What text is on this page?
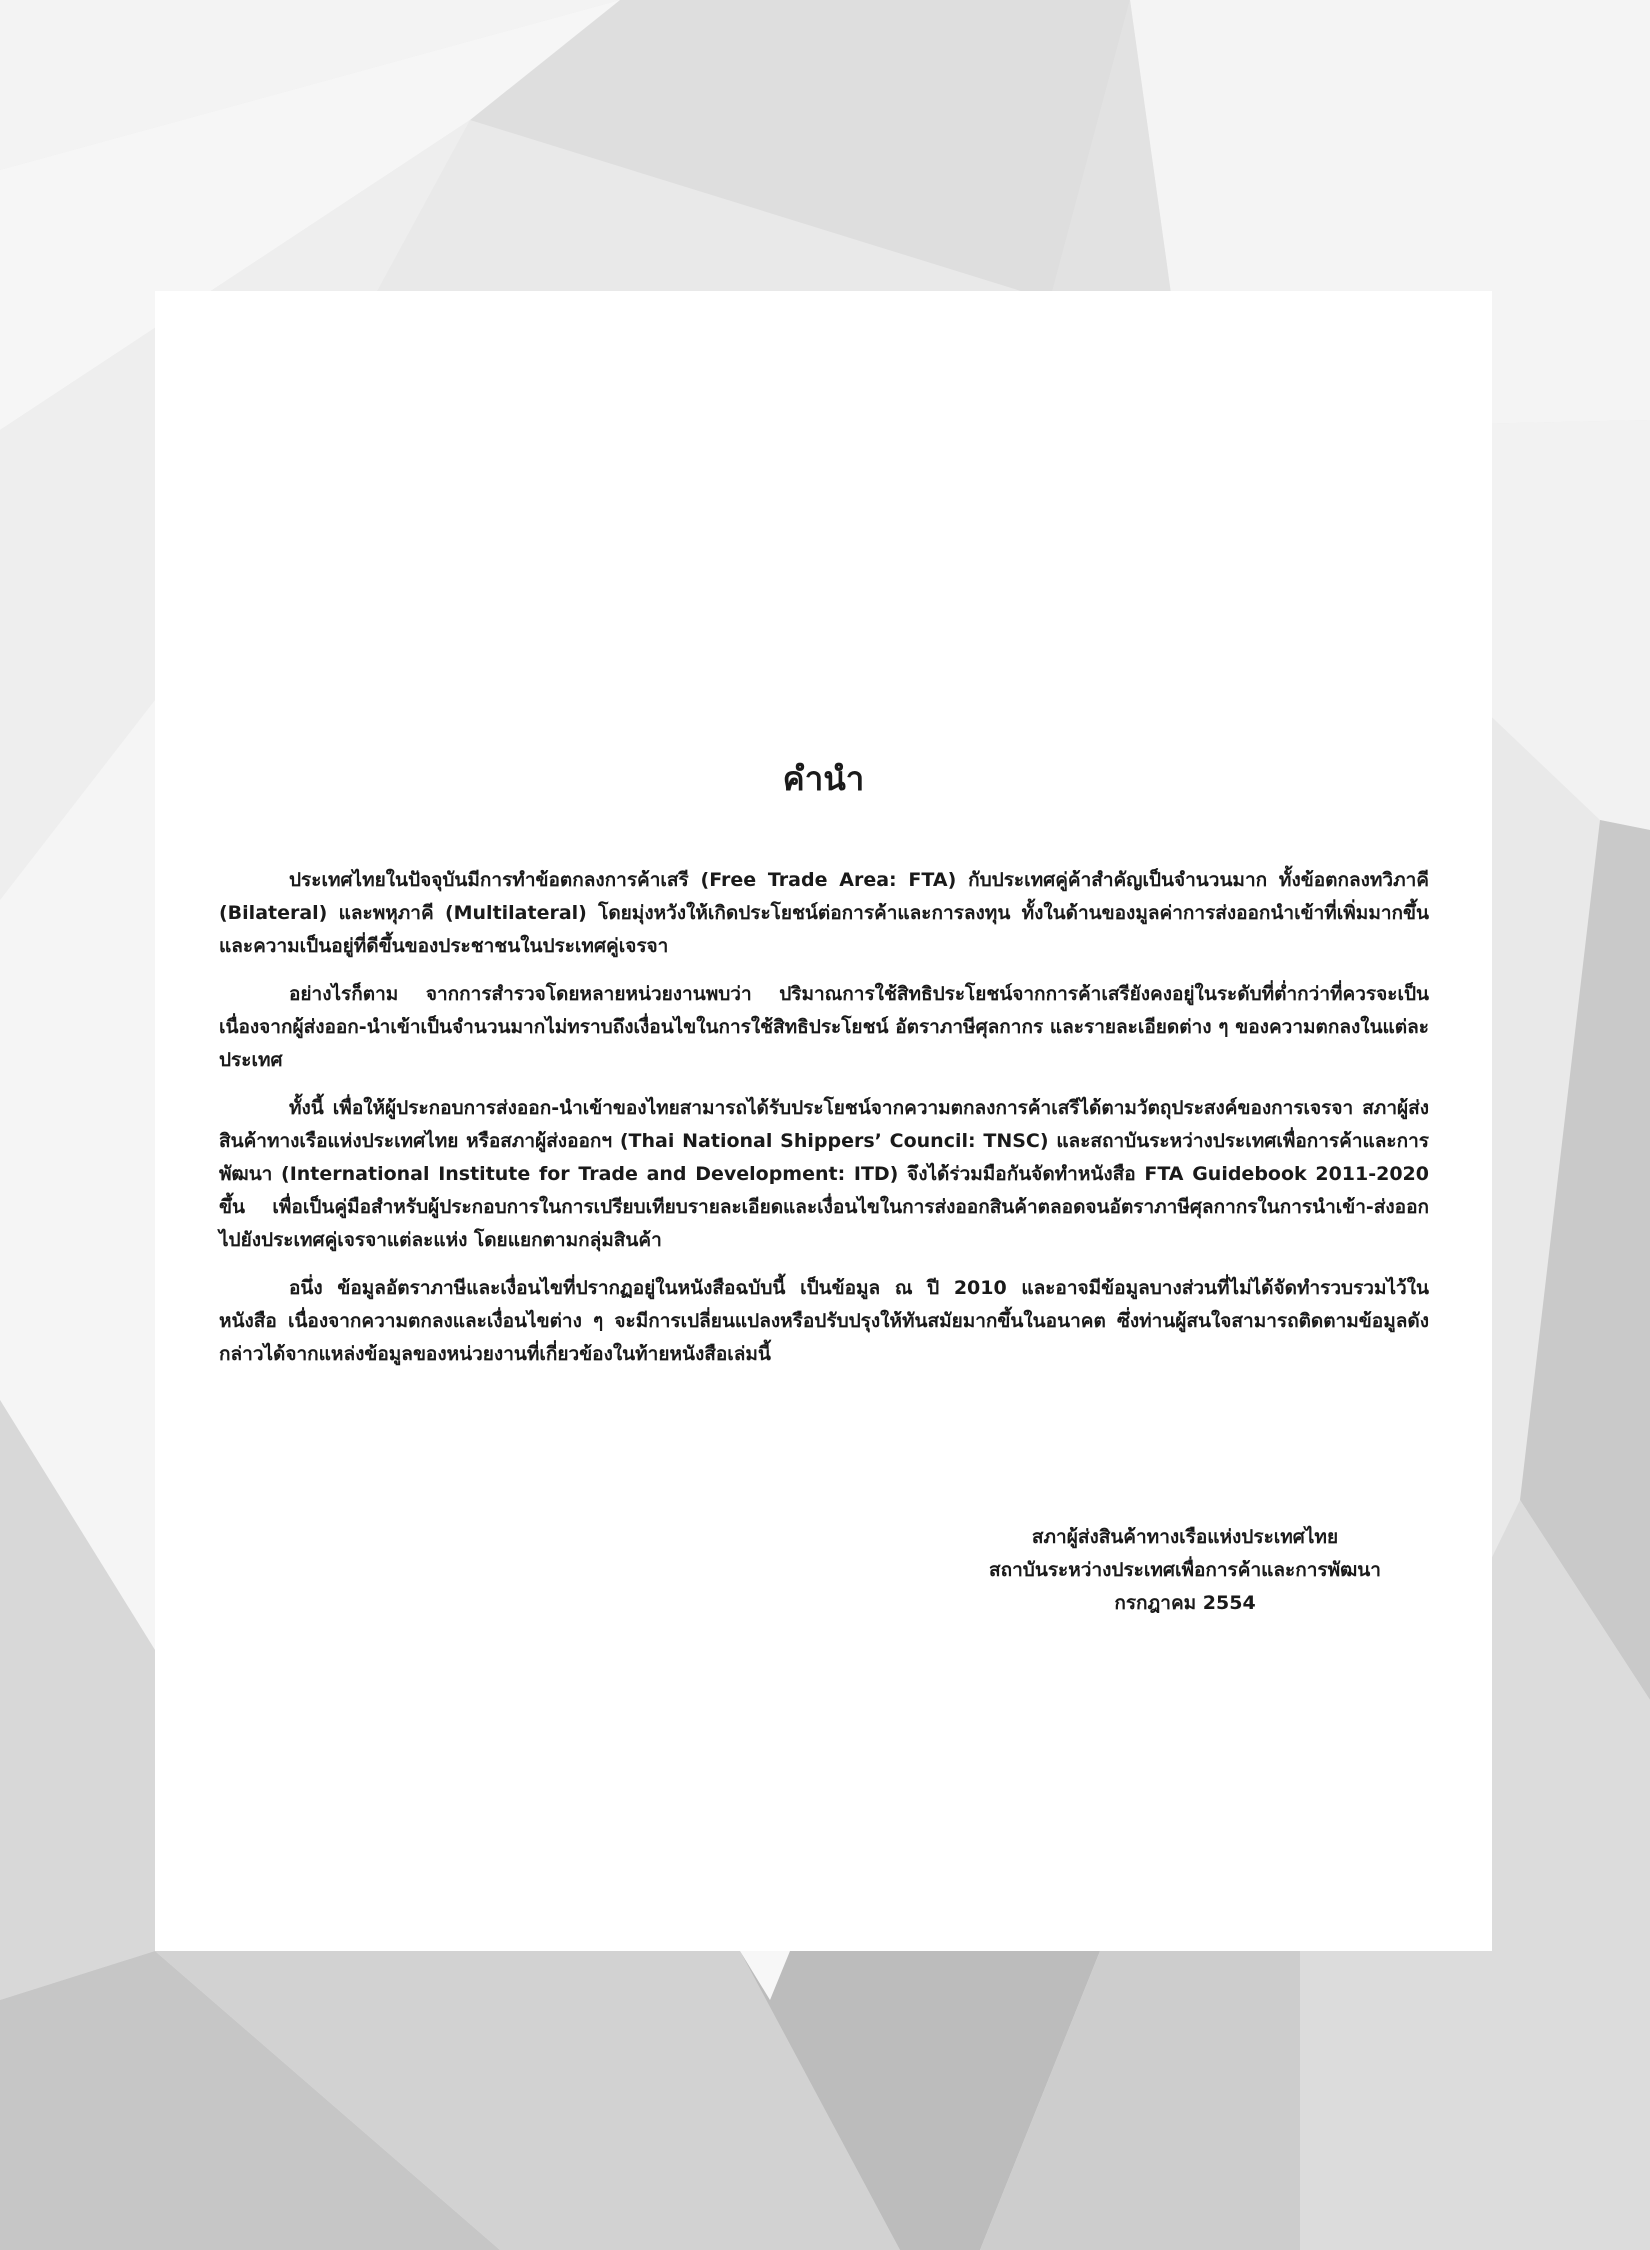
คำนำ

ประเทศไทยในปัจจุบันมีการทำข้อตกลงการค้าเสรี (Free Trade Area: FTA) กับประเทศคู่ค้าสำคัญเป็นจำนวนมาก ทั้งข้อตกลงทวิภาคี (Bilateral) และพหุภาคี (Multilateral) โดยมุ่งหวังให้เกิดประโยชน์ต่อการค้าและการลงทุน ทั้งในด้านของมูลค่าการส่งออกนำเข้าที่เพิ่มมากขึ้นและความเป็นอยู่ที่ดีขึ้นของประชาชนในประเทศคู่เจรจา

อย่างไรก็ตาม จากการสำรวจโดยหลายหน่วยงานพบว่า ปริมาณการใช้สิทธิประโยชน์จากการค้าเสรียังคงอยู่ในระดับที่ต่ำกว่าที่ควรจะเป็น เนื่องจากผู้ส่งออก-นำเข้าเป็นจำนวนมากไม่ทราบถึงเงื่อนไขในการใช้สิทธิประโยชน์ อัตราภาษีศุลกากร และรายละเอียดต่าง ๆ ของความตกลงในแต่ละประเทศ

ทั้งนี้ เพื่อให้ผู้ประกอบการส่งออก-นำเข้าของไทยสามารถได้รับประโยชน์จากความตกลงการค้าเสรีได้ตามวัตถุประสงค์ของการเจรจา สภาผู้ส่งสินค้าทางเรือแห่งประเทศไทย หรือสภาผู้ส่งออกฯ (Thai National Shippers’ Council: TNSC) และสถาบันระหว่างประเทศเพื่อการค้าและการพัฒนา (International Institute for Trade and Development: ITD) จึงได้ร่วมมือกันจัดทำหนังสือ FTA Guidebook 2011-2020 ขึ้น เพื่อเป็นคู่มือสำหรับผู้ประกอบการในการเปรียบเทียบรายละเอียดและเงื่อนไขในการส่งออกสินค้าตลอดจนอัตราภาษีศุลกากรในการนำเข้า-ส่งออกไปยังประเทศคู่เจรจาแต่ละแห่ง โดยแยกตามกลุ่มสินค้า

อนึ่ง ข้อมูลอัตราภาษีและเงื่อนไขที่ปรากฏอยู่ในหนังสือฉบับนี้ เป็นข้อมูล ณ ปี 2010 และอาจมีข้อมูลบางส่วนที่ไม่ได้จัดทำรวบรวมไว้ในหนังสือ เนื่องจากความตกลงและเงื่อนไขต่าง ๆ จะมีการเปลี่ยนแปลงหรือปรับปรุงให้ทันสมัยมากขึ้นในอนาคต ซึ่งท่านผู้สนใจสามารถติดตามข้อมูลดังกล่าวได้จากแหล่งข้อมูลของหน่วยงานที่เกี่ยวข้องในท้ายหนังสือเล่มนี้

สภาผู้ส่งสินค้าทางเรือแห่งประเทศไทย
สถาบันระหว่างประเทศเพื่อการค้าและการพัฒนา
กรกฎาคม 2554
